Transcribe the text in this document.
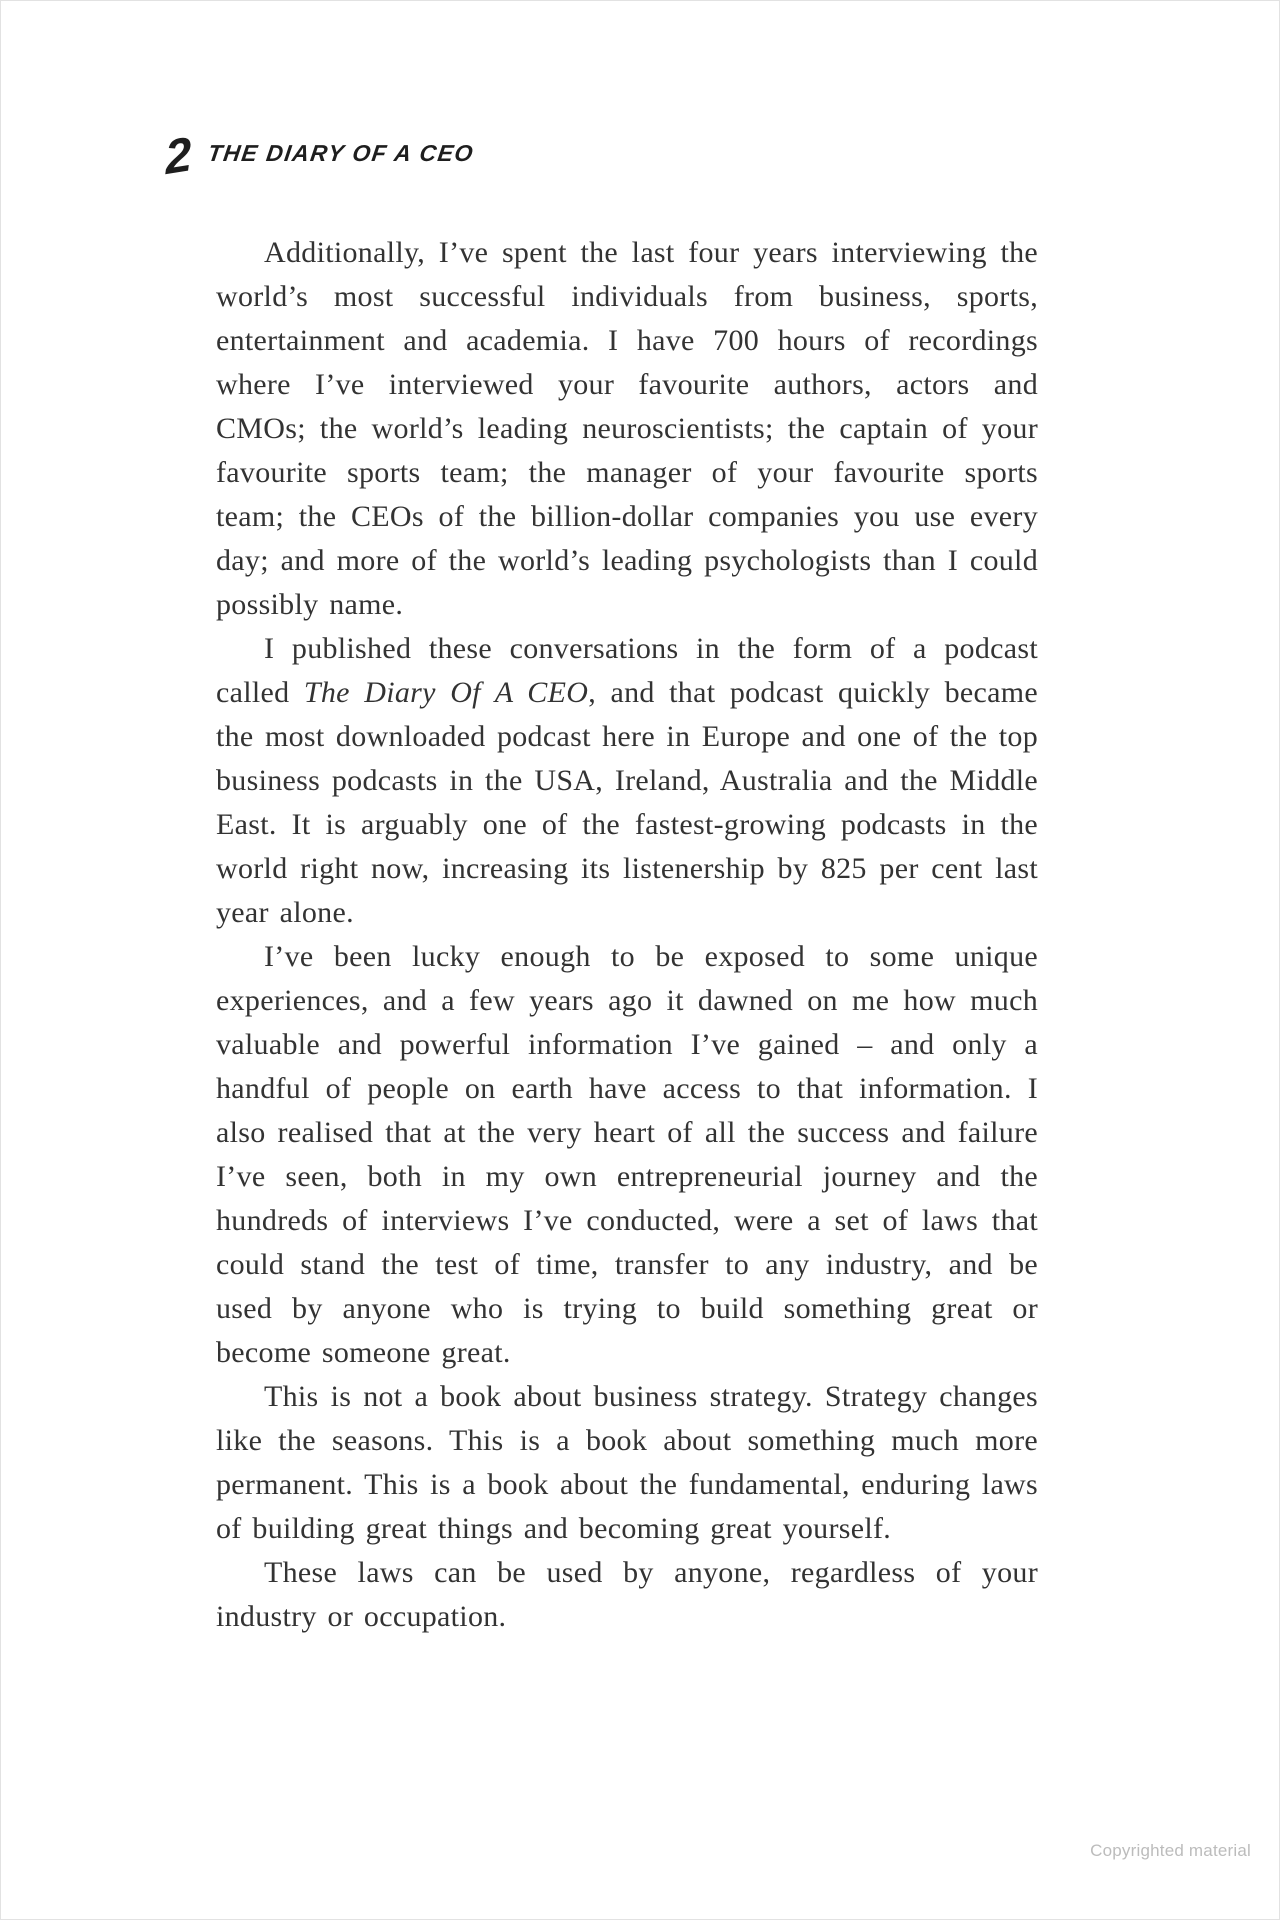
2 THE DIARY OF A CEO

Additionally, I’ve spent the last four years interviewing the world’s most successful individuals from business, sports, entertainment and academia. I have 700 hours of recordings where I’ve interviewed your favourite authors, actors and CMOs; the world’s leading neuroscientists; the captain of your favourite sports team; the manager of your favourite sports team; the CEOs of the billion-dollar companies you use every day; and more of the world’s leading psychologists than I could possibly name.

I published these conversations in the form of a podcast called The Diary Of A CEO, and that podcast quickly became the most downloaded podcast here in Europe and one of the top business podcasts in the USA, Ireland, Australia and the Middle East. It is arguably one of the fastest-growing podcasts in the world right now, increasing its listenership by 825 per cent last year alone.

I’ve been lucky enough to be exposed to some unique experiences, and a few years ago it dawned on me how much valuable and powerful information I’ve gained – and only a handful of people on earth have access to that information. I also realised that at the very heart of all the success and failure I’ve seen, both in my own entrepreneurial journey and the hundreds of interviews I’ve conducted, were a set of laws that could stand the test of time, transfer to any industry, and be used by anyone who is trying to build something great or become someone great.

This is not a book about business strategy. Strategy changes like the seasons. This is a book about something much more permanent. This is a book about the fundamental, enduring laws of building great things and becoming great yourself.

These laws can be used by anyone, regardless of your industry or occupation.

Copyrighted material
